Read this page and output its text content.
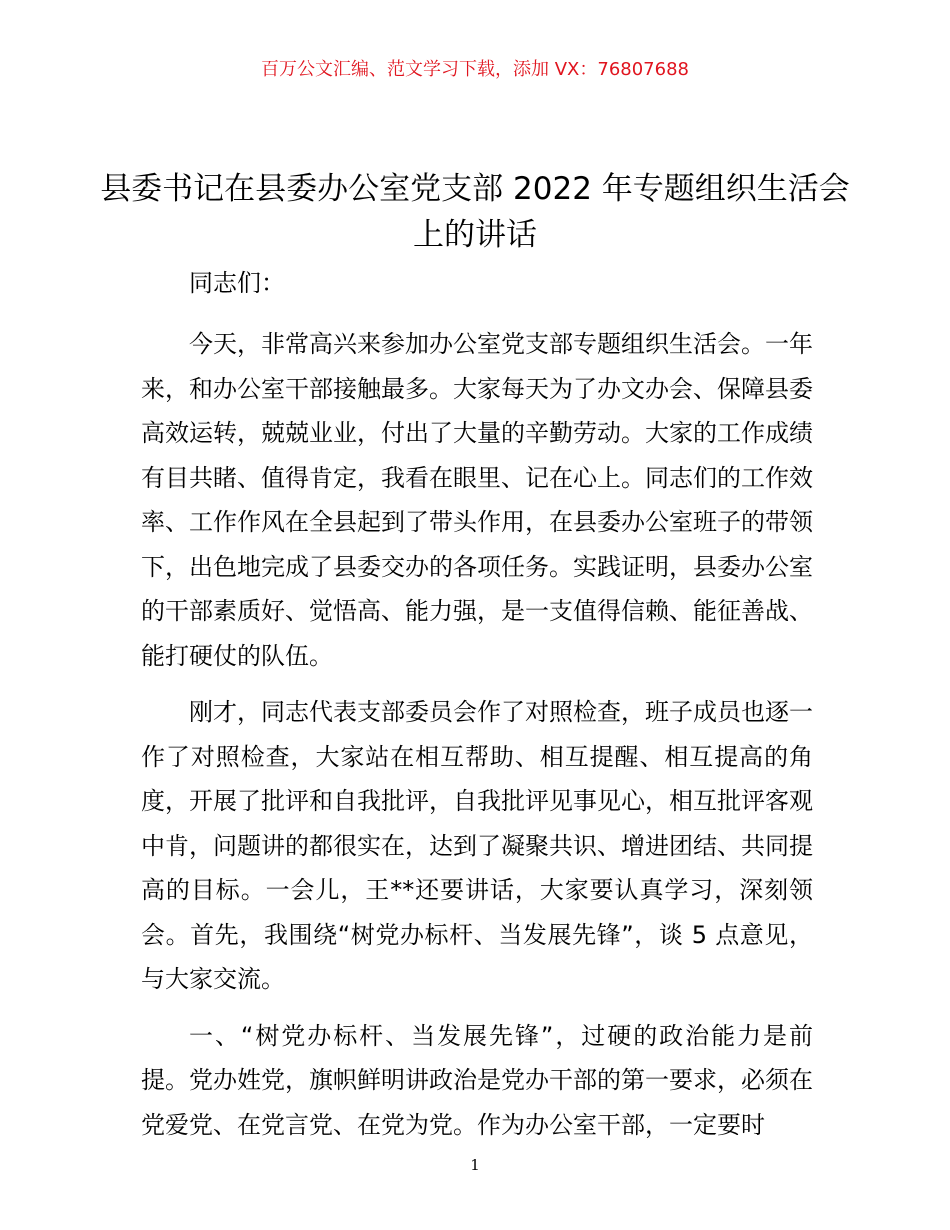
百万公文汇编、范文学习下载，添加 VX：76807688
县委书记在县委办公室党支部 2022 年专题组织生活会上的讲话

同志们：

今天，非常高兴来参加办公室党支部专题组织生活会。一年来，和办公室干部接触最多。大家每天为了办文办会、保障县委高效运转，兢兢业业，付出了大量的辛勤劳动。大家的工作成绩有目共睹、值得肯定，我看在眼里、记在心上。同志们的工作效率、工作作风在全县起到了带头作用，在县委办公室班子的带领下，出色地完成了县委交办的各项任务。实践证明，县委办公室的干部素质好、觉悟高、能力强，是一支值得信赖、能征善战、能打硬仗的队伍。

刚才，同志代表支部委员会作了对照检查，班子成员也逐一作了对照检查，大家站在相互帮助、相互提醒、相互提高的角度，开展了批评和自我批评，自我批评见事见心，相互批评客观中肯，问题讲的都很实在，达到了凝聚共识、增进团结、共同提高的目标。一会儿，王**还要讲话，大家要认真学习，深刻领会。首先，我围绕“树党办标杆、当发展先锋”，谈 5 点意见，与大家交流。

一、“树党办标杆、当发展先锋”，过硬的政治能力是前提。党办姓党，旗帜鲜明讲政治是党办干部的第一要求，必须在党爱党、在党言党、在党为党。作为办公室干部，一定要时

1
